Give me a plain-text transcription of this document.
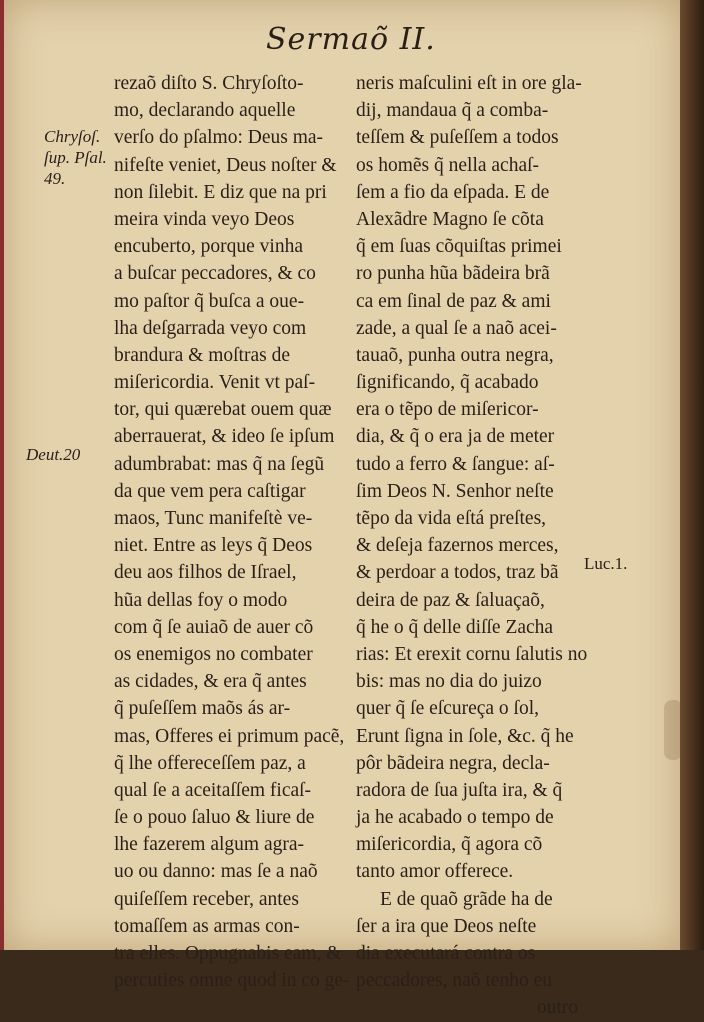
Sermaõ II.
Chryſoſ.
ſup. Pſal.
49.
Deut.20
Luc.1.
rezaõ diſto S. Chryſoſto-
mo, declarando aquelle
verſo do pſalmo: Deus ma-
nifeſte veniet, Deus noſter &
non ſilebit. E diz que na pri
meira vinda veyo Deos
encuberto, porque vinha
a buſcar peccadores, & co
mo paſtor q̃ buſca a oue-
lha deſgarrada veyo com
brandura & moſtras de
miſericordia. Venit vt paſ-
tor, qui quærebat ouem quæ
aberrauerat, & ideo ſe ipſum
adumbrabat: mas q̃ na ſegũ
da que vem pera caſtigar
maos, Tunc manifeſtè ve-
niet. Entre as leys q̃ Deos
deu aos filhos de Iſrael,
hũa dellas foy o modo
com q̃ ſe auiaõ de auer cõ
os enemigos no combater
as cidades, & era q̃ antes
q̃ puſeſſem maõs ás ar-
mas, Offeres ei primum pacẽ,
q̃ lhe offereceſſem paz, a
qual ſe a aceitaſſem ficaſ-
ſe o pouo ſaluo & liure de
lhe fazerem algum agra-
uo ou danno: mas ſe a naõ
quiſeſſem receber, antes
tomaſſem as armas con-
tra elles. Oppugnabis eam, &
percuties omne quod in co ge-
neris maſculini eſt in ore gla-
dij, mandaua q̃ a comba-
teſſem & puſeſſem a todos
os homẽs q̃ nella achaſ-
ſem a fio da eſpada. E de
Alexãdre Magno ſe cõta
q̃ em ſuas cõquiſtas primei
ro punha hũa bãdeira brã
ca em ſinal de paz & ami
zade, a qual ſe a naõ acei-
tauaõ, punha outra negra,
ſignificando, q̃ acabado
era o tẽpo de miſericor-
dia, & q̃ o era ja de meter
tudo a ferro & ſangue: aſ-
ſim Deos N. Senhor neſte
tẽpo da vida eſtá preſtes,
& deſeja fazernos merces,
& perdoar a todos, traz bã
deira de paz & ſaluaçaõ,
q̃ he o q̃ delle diſſe Zacha
rias: Et erexit cornu ſalutis no
bis: mas no dia do juizo
quer q̃ ſe eſcureça o ſol,
Erunt ſigna in ſole, &c. q̃ he
pôr bãdeira negra, decla-
radora de ſua juſta ira, & q̃
ja he acabado o tempo de
miſericordia, q̃ agora cõ
tanto amor offerece.
E de quaõ grãde ha de
ſer a ira que Deos neſte
dia executará contra os
peccadores, naõ tenho eu
outro
